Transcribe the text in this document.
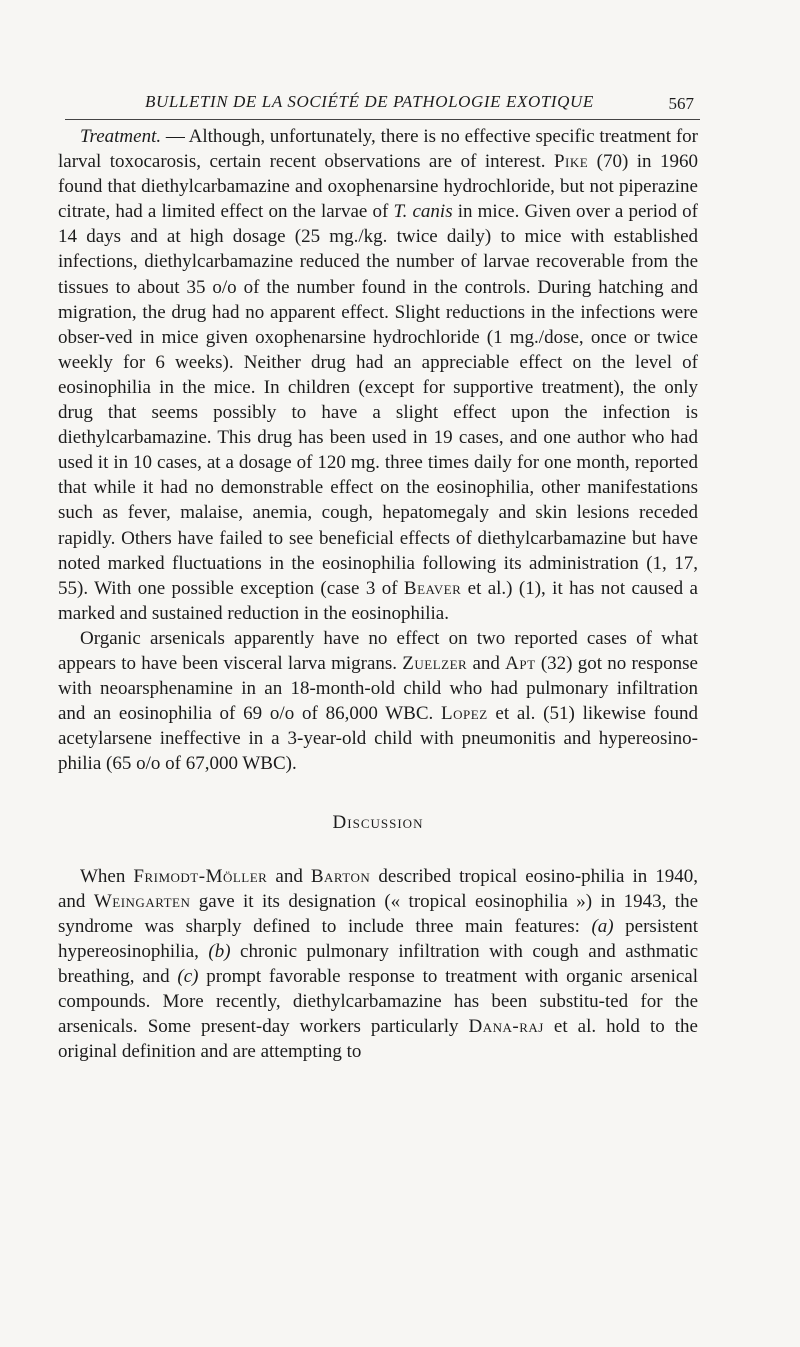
BULLETIN DE LA SOCIÉTÉ DE PATHOLOGIE EXOTIQUE	567

Treatment. — Although, unfortunately, there is no effective specific treatment for larval toxocarosis, certain recent observations are of interest. Pike (70) in 1960 found that diethylcarbamazine and oxophenarsine hydrochloride, but not piperazine citrate, had a limited effect on the larvae of T. canis in mice. Given over a period of 14 days and at high dosage (25 mg./kg. twice daily) to mice with established infections, diethylcarbamazine reduced the number of larvae recoverable from the tissues to about 35 o/o of the number found in the controls. During hatching and migration, the drug had no apparent effect. Slight reductions in the infections were obser-ved in mice given oxophenarsine hydrochloride (1 mg./dose, once or twice weekly for 6 weeks). Neither drug had an appreciable effect on the level of eosinophilia in the mice. In children (except for supportive treatment), the only drug that seems possibly to have a slight effect upon the infection is diethylcarbamazine. This drug has been used in 19 cases, and one author who had used it in 10 cases, at a dosage of 120 mg. three times daily for one month, reported that while it had no demonstrable effect on the eosinophilia, other manifestations such as fever, malaise, anemia, cough, hepatomegaly and skin lesions receded rapidly. Others have failed to see beneficial effects of diethylcarbamazine but have noted marked fluctuations in the eosinophilia following its administration (1, 17, 55). With one possible exception (case 3 of Beaver et al.) (1), it has not caused a marked and sustained reduction in the eosinophilia.

Organic arsenicals apparently have no effect on two reported cases of what appears to have been visceral larva migrans. Zuelzer and Apt (32) got no response with neoarsphenamine in an 18-month-old child who had pulmonary infiltration and an eosinophilia of 69 o/o of 86,000 WBC. Lopez et al. (51) likewise found acetylarsene ineffective in a 3-year-old child with pneumonitis and hypereosino-philia (65 o/o of 67,000 WBC).

Discussion

When Frimodt-Möller and Barton described tropical eosino-philia in 1940, and Weingarten gave it its designation (« tropical eosinophilia ») in 1943, the syndrome was sharply defined to include three main features: (a) persistent hypereosinophilia, (b) chronic pulmonary infiltration with cough and asthmatic breathing, and (c) prompt favorable response to treatment with organic arsenical compounds. More recently, diethylcarbamazine has been substitu-ted for the arsenicals. Some present-day workers particularly Dana-raj et al. hold to the original definition and are attempting to
